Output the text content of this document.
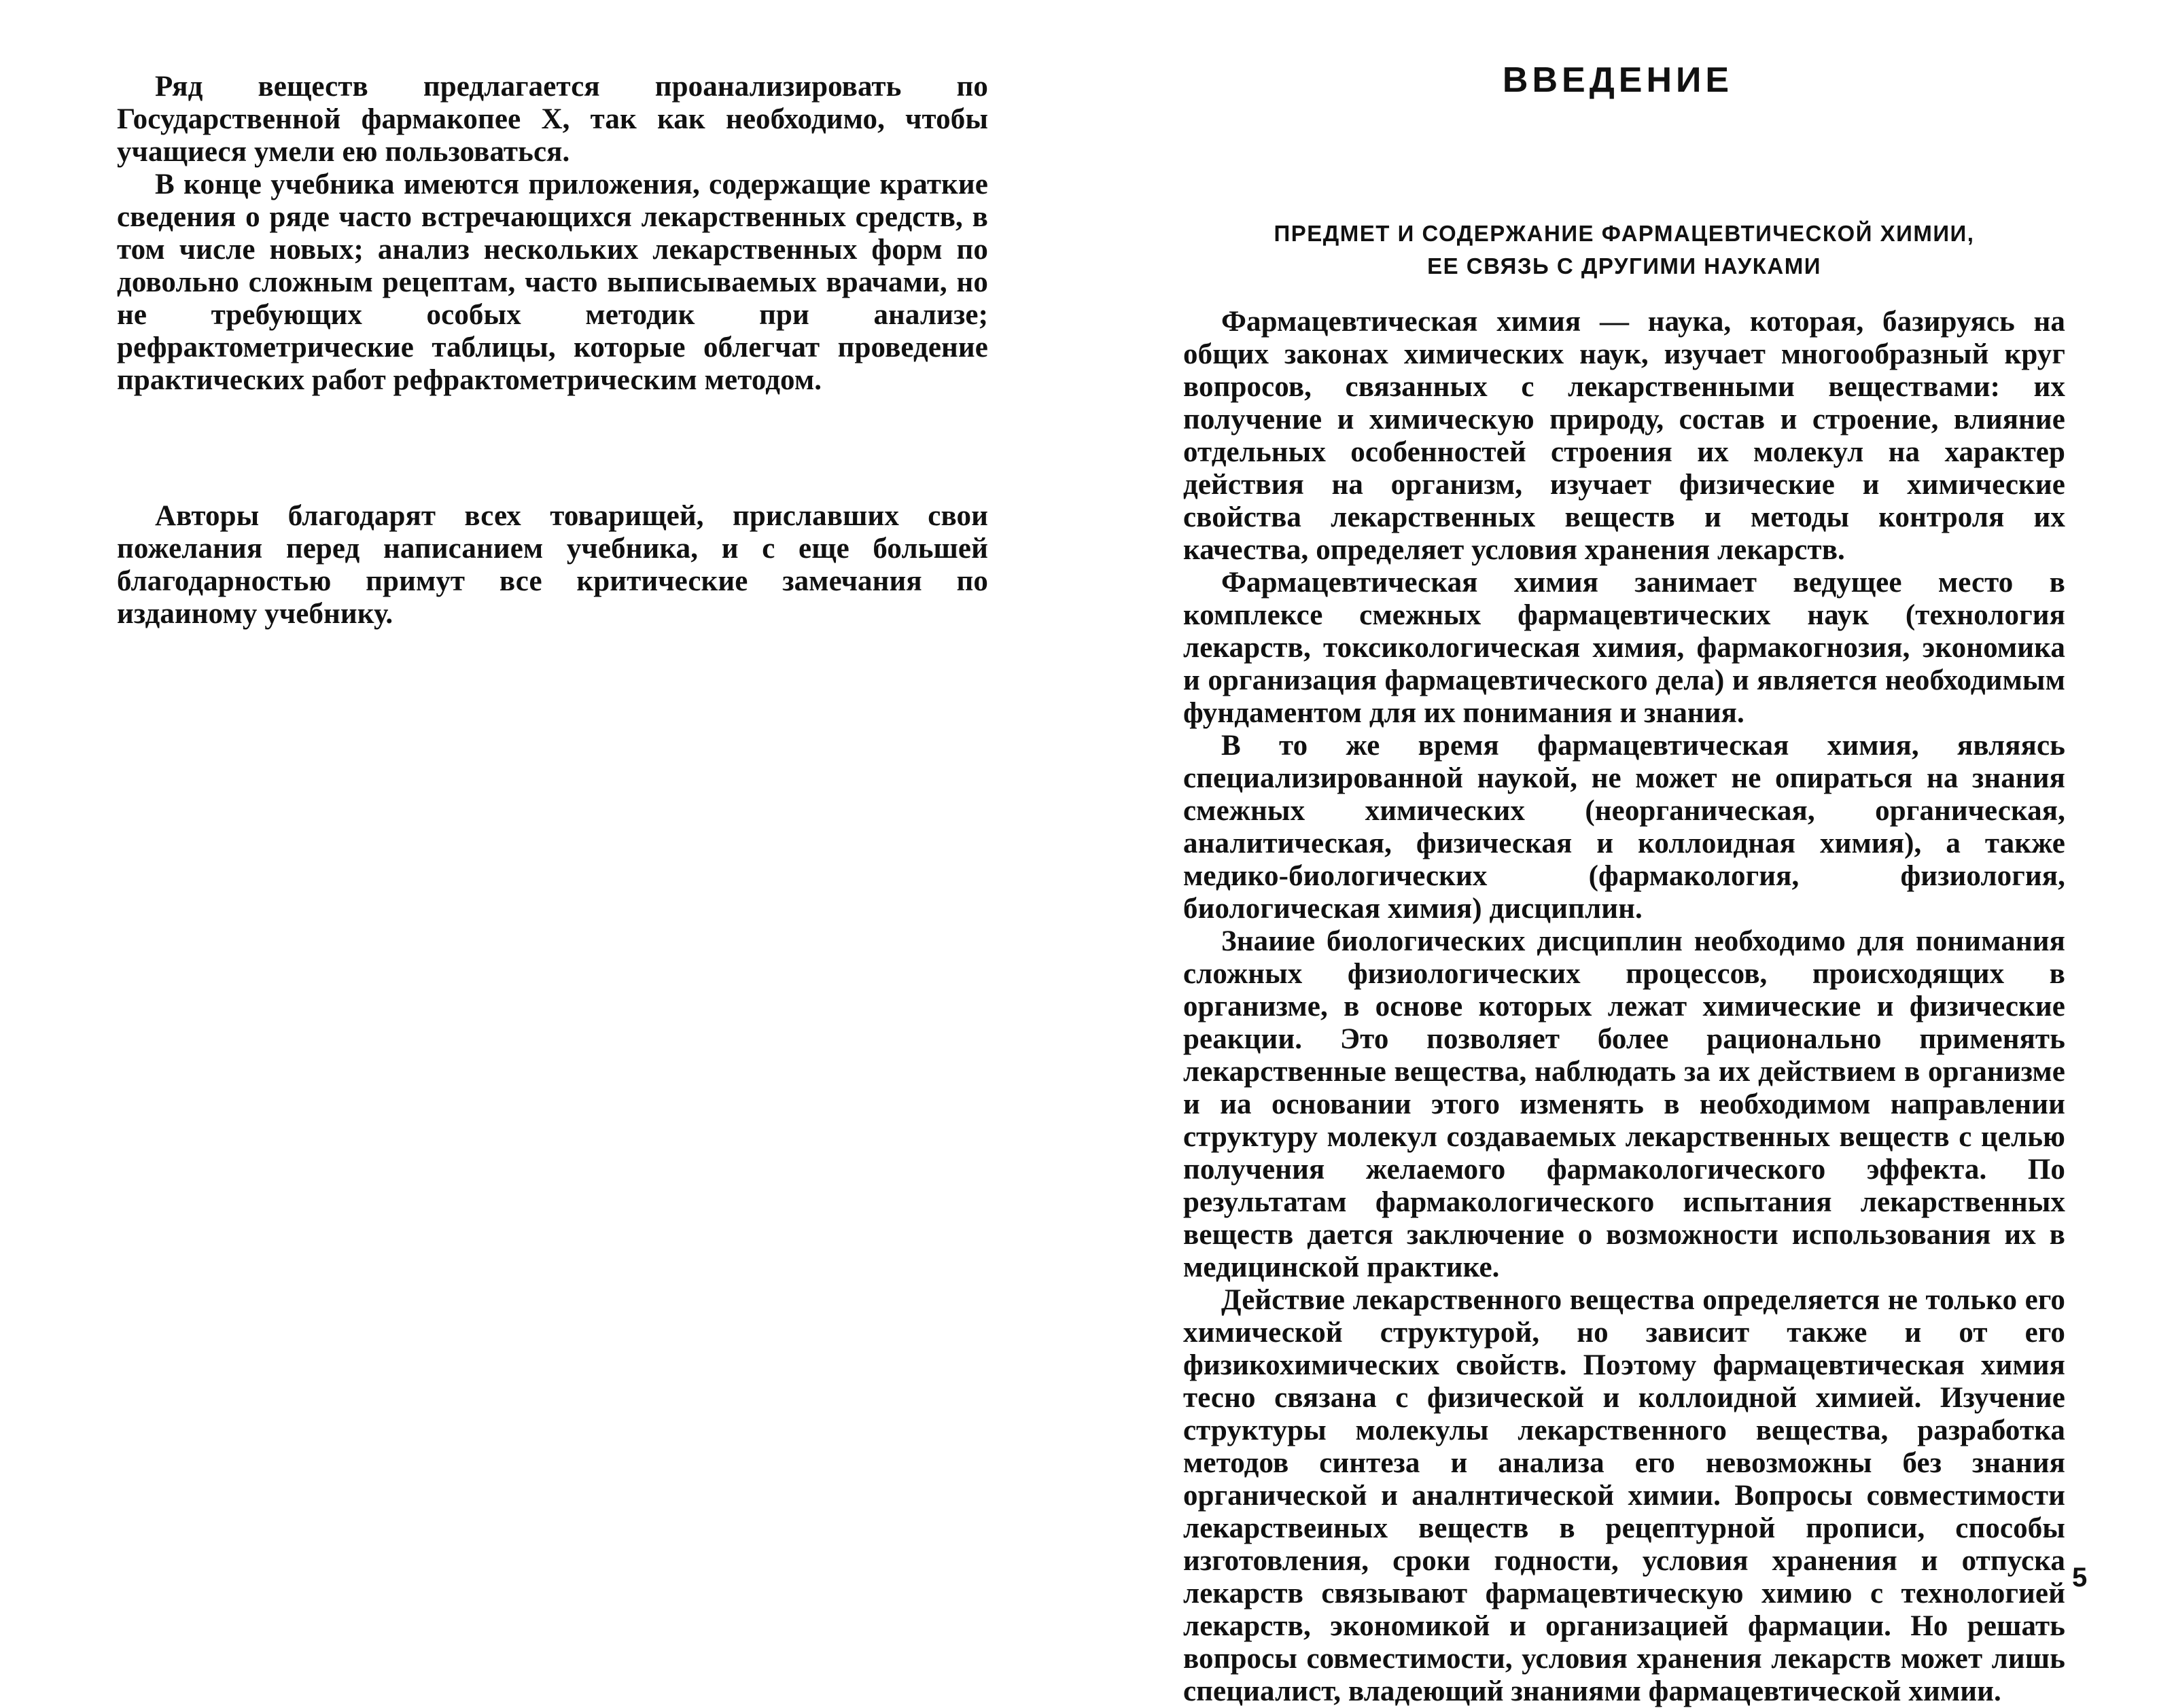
Ряд веществ предлагается проанализировать по Государственной фармакопее X, так как необходимо, чтобы учащиеся умели ею пользоваться.

В конце учебника имеются приложения, содержащие краткие сведения о ряде часто встречающихся лекарственных средств, в том числе новых; анализ нескольких лекарственных форм по довольно сложным рецептам, часто выписываемых врачами, но не требующих особых методик при анализе; рефрактометрические таблицы, которые облегчат проведение практических работ рефрактометрическим методом.

Авторы благодарят всех товарищей, приславших свои пожелания перед написанием учебника, и с еще большей благодарностью примут все критические замечания по издаиному учебнику.

ВВЕДЕНИЕ
ПРЕДМЕТ И СОДЕРЖАНИЕ ФАРМАЦЕВТИЧЕСКОЙ ХИМИИ,
ЕЕ СВЯЗЬ С ДРУГИМИ НАУКАМИ

Фармацевтическая химия — наука, которая, базируясь на общих законах химических наук, изучает многообразный круг вопросов, связанных с лекарственными веществами: их получение и химическую природу, состав и строение, влияние отдельных особенностей строения их молекул на характер действия на организм, изучает физические и химические свойства лекарственных веществ и методы контроля их качества, определяет условия хранения лекарств.

Фармацевтическая химия занимает ведущее место в комплексе смежных фармацевтических наук (технология лекарств, токсикологическая химия, фармакогнозия, экономика и организация фармацевтического дела) и является необходимым фундаментом для их понимания и знания.

В то же время фармацевтическая химия, являясь специализированной наукой, не может не опираться на знания смежных химических (неорганическая, органическая, аналитическая, физическая и коллоидная химия), а также медико-биологических (фармакология, физиология, биологическая химия) дисциплин.

Знаиие биологических дисциплин необходимо для понимания сложных физиологических процессов, происходящих в организме, в основе которых лежат химические и физические реакции. Это позволяет более рационально применять лекарственные вещества, наблюдать за их действием в организме и иа основании этого изменять в необходимом направлении структуру молекул создаваемых лекарственных веществ с целью получения желаемого фармакологического эффекта. По результатам фармакологического испытания лекарственных веществ дается заключение о возможности использования их в медицинской практике.

Действие лекарственного вещества определяется не только его химической структурой, но зависит также и от его физикохимических свойств. Поэтому фармацевтическая химия тесно связана с физической и коллоидной химией. Изучение структуры молекулы лекарственного вещества, разработка методов синтеза и анализа его невозможны без знания органической и аналнтической химии. Вопросы совместимости лекарствеиных веществ в рецептурной прописи, способы изготовления, сроки годности, условия хранения и отпуска лекарств связывают фармацевтическую химию с технологией лекарств, экономикой и организацией фармации. Но решать вопросы совместимости, условия хранения лекарств может лишь специалист, владеющий знаниями фармацевтической химии.

5
